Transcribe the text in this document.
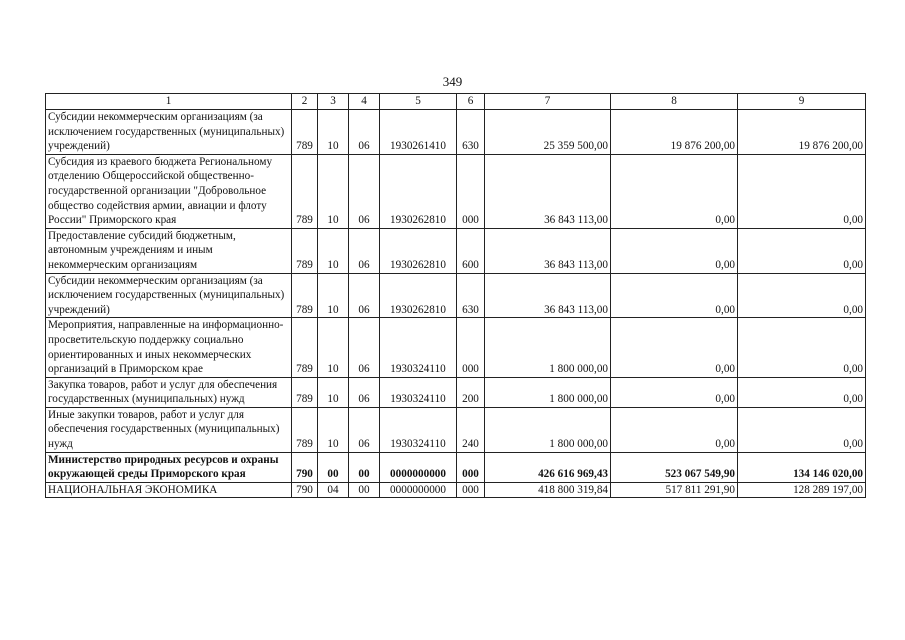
349
1	2	3	4	5	6	7	8	9
Субсидии некоммерческим организациям (за исключением государственных (муниципальных) учреждений)	789	10	06	1930261410	630	25 359 500,00	19 876 200,00	19 876 200,00
Субсидия из краевого бюджета Региональному отделению Общероссийской общественно-государственной организации "Добровольное общество содействия армии, авиации и флоту России" Приморского края	789	10	06	1930262810	000	36 843 113,00	0,00	0,00
Предоставление субсидий бюджетным, автономным учреждениям и иным некоммерческим организациям	789	10	06	1930262810	600	36 843 113,00	0,00	0,00
Субсидии некоммерческим организациям (за исключением государственных (муниципальных) учреждений)	789	10	06	1930262810	630	36 843 113,00	0,00	0,00
Мероприятия, направленные на информационно-просветительскую поддержку социально ориентированных и иных некоммерческих организаций в Приморском крае	789	10	06	1930324110	000	1 800 000,00	0,00	0,00
Закупка товаров, работ и услуг для обеспечения государственных (муниципальных) нужд	789	10	06	1930324110	200	1 800 000,00	0,00	0,00
Иные закупки товаров, работ и услуг для обеспечения государственных (муниципальных) нужд	789	10	06	1930324110	240	1 800 000,00	0,00	0,00
Министерство природных ресурсов и охраны окружающей среды Приморского края	790	00	00	0000000000	000	426 616 969,43	523 067 549,90	134 146 020,00
НАЦИОНАЛЬНАЯ ЭКОНОМИКА	790	04	00	0000000000	000	418 800 319,84	517 811 291,90	128 289 197,00
